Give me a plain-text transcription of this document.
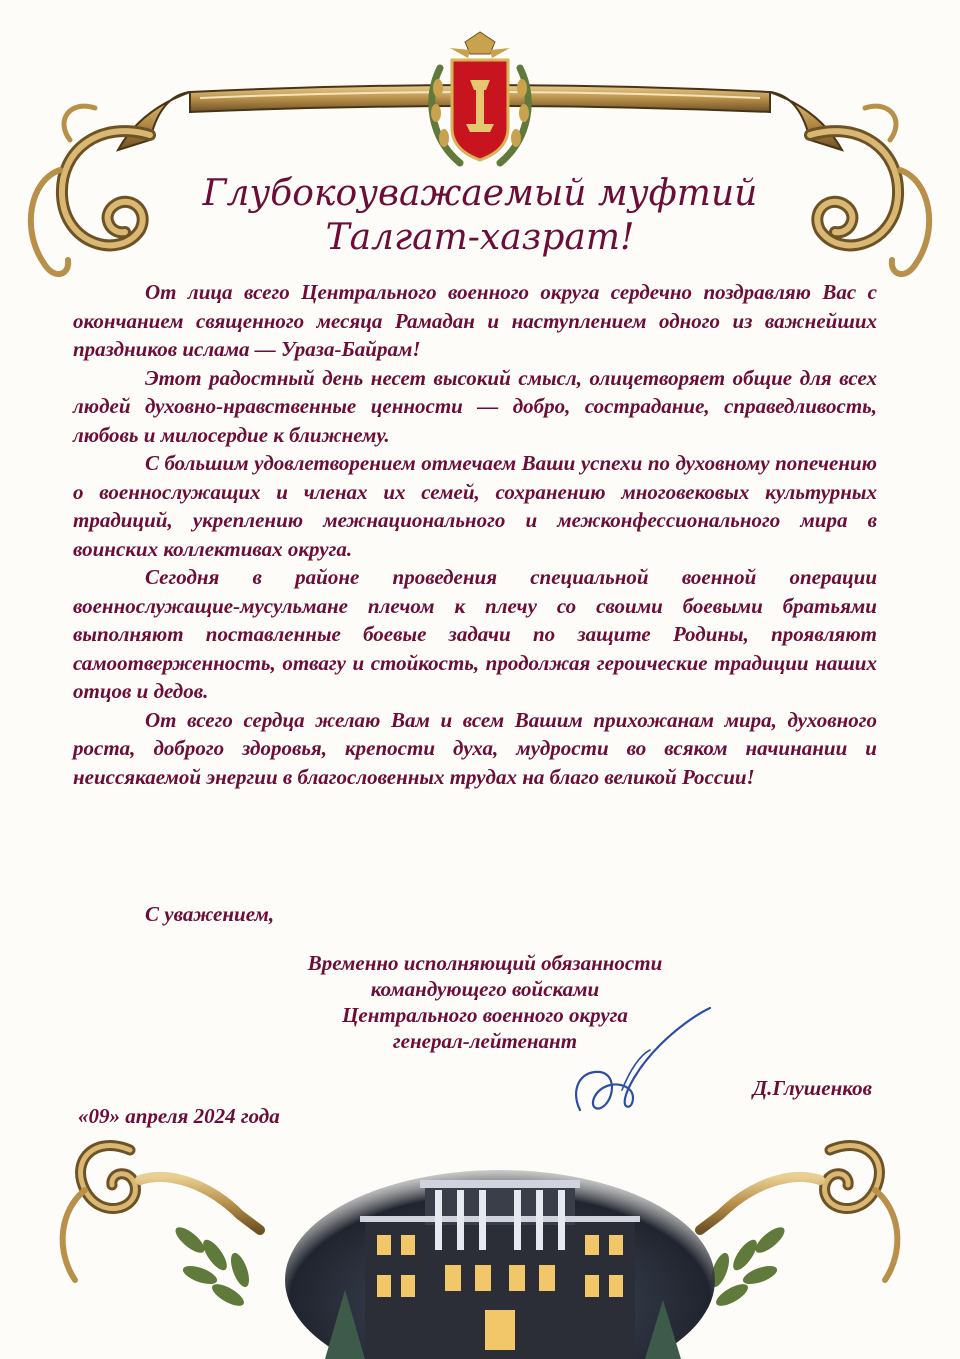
Глубокоуважаемый муфтий
Талгат-хазрат!

От лица всего Центрального военного округа сердечно поздравляю Вас с окончанием священного месяца Рамадан и наступлением одного из важнейших праздников ислама — Ураза-Байрам!

Этот радостный день несет высокий смысл, олицетворяет общие для всех людей духовно-нравственные ценности — добро, сострадание, справедливость, любовь и милосердие к ближнему.

С большим удовлетворением отмечаем Ваши успехи по духовному попечению о военнослужащих и членах их семей, сохранению многовековых культурных традиций, укреплению межнационального и межконфессионального мира в воинских коллективах округа.

Сегодня в районе проведения специальной военной операции военнослужащие-мусульмане плечом к плечу со своими боевыми братьями выполняют поставленные боевые задачи по защите Родины, проявляют самоотверженность, отвагу и стойкость, продолжая героические традиции наших отцов и дедов.

От всего сердца желаю Вам и всем Вашим прихожанам мира, духовного роста, доброго здоровья, крепости духа, мудрости во всяком начинании и неиссякаемой энергии в благословенных трудах на благо великой России!

С уважением,
Временно исполняющий обязанности
командующего войсками
Центрального военного округа
генерал-лейтенант
Д.Глушенков
«09» апреля 2024 года
